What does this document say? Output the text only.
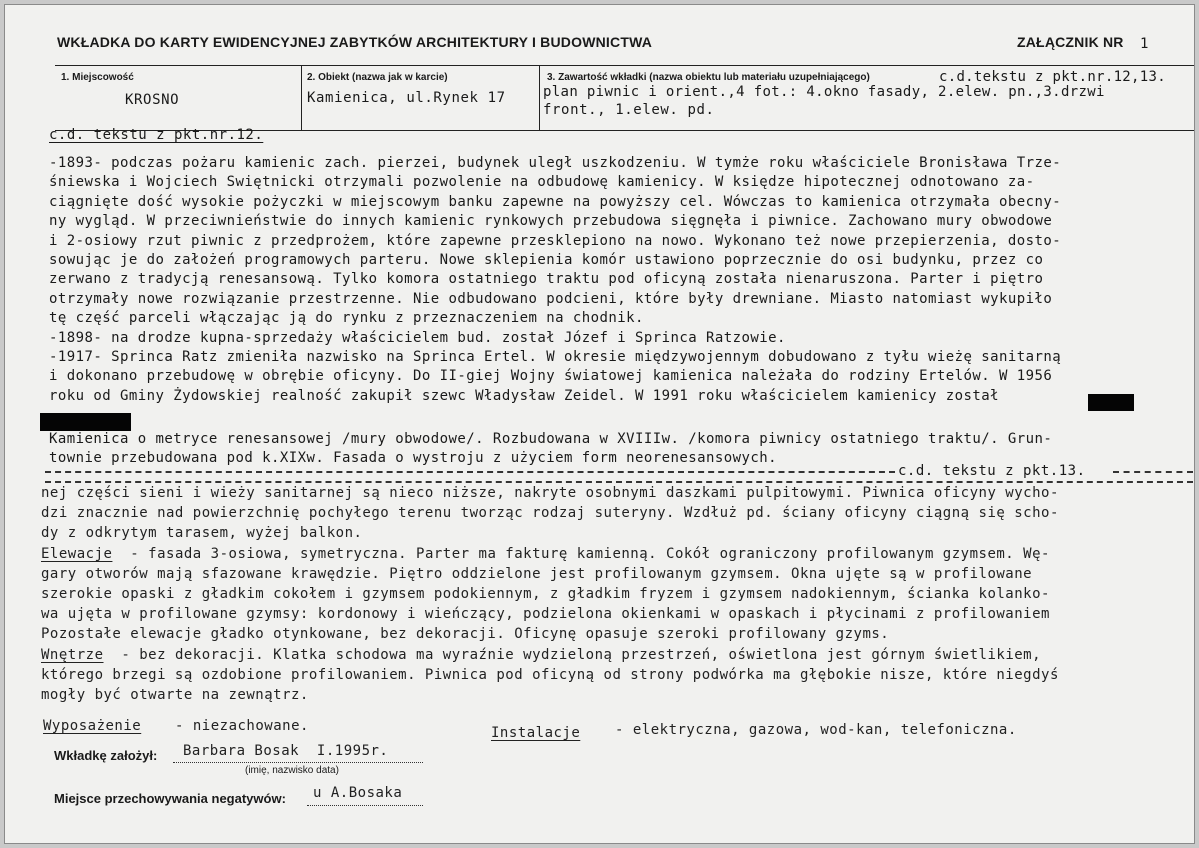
WKŁADKA DO KARTY EWIDENCYJNEJ ZABYTKÓW ARCHITEKTURY I BUDOWNICTWA	ZAŁĄCZNIK NR 1
1. Miejscowość
KROSNO
2. Obiekt (nazwa jak w karcie)
Kamienica, ul.Rynek 17
3. Zawartość wkładki (nazwa obiektu lub materiału uzupełniającego)	c.d.tekstu z pkt.nr.12,13.
plan piwnic i orient.,4 fot.: 4.okno fasady, 2.elew. pn.,3.drzwi
front., 1.elew. pd.
c.d. tekstu z pkt.nr.12.
-1893- podczas pożaru kamienic zach. pierzei, budynek uległ uszkodzeniu. W tymże roku właściciele Bronisława Trze-
śniewska i Wojciech Swiętnicki otrzymali pozwolenie na odbudowę kamienicy. W księdze hipotecznej odnotowano za-
ciągnięte dość wysokie pożyczki w miejscowym banku zapewne na powyższy cel. Wówczas to kamienica otrzymała obecny-
ny wygląd. W przeciwnieństwie do innych kamienic rynkowych przebudowa sięgnęła i piwnice. Zachowano mury obwodowe
i 2-osiowy rzut piwnic z przedprożem, które zapewne przesklepiono na nowo. Wykonano też nowe przepierzenia, dosto-
sowując je do założeń programowych parteru. Nowe sklepienia komór ustawiono poprzecznie do osi budynku, przez co
zerwano z tradycją renesansową. Tylko komora ostatniego traktu pod oficyną została nienaruszona. Parter i piętro
otrzymały nowe rozwiązanie przestrzenne. Nie odbudowano podcieni, które były drewniane. Miasto natomiast wykupiło
tę część parceli włączając ją do rynku z przeznaczeniem na chodnik.
-1898- na drodze kupna-sprzedaży właścicielem bud. został Józef i Sprinca Ratzowie.
-1917- Sprinca Ratz zmieniła nazwisko na Sprinca Ertel. W okresie międzywojennym dobudowano z tyłu wieżę sanitarną
i dokonano przebudowę w obrębie oficyny. Do II-giej Wojny światowej kamienica należała do rodziny Ertelów. W 1956
roku od Gminy Żydowskiej realność zakupił szewc Władysław Zeidel. W 1991 roku właścicielem kamienicy został
Kamienica o metryce renesansowej /mury obwodowe/. Rozbudowana w XVIIIw. /komora piwnicy ostatniego traktu/. Grun-
townie przebudowana pod k.XIXw. Fasada o wystroju z użyciem form neorenesansowych.
c.d. tekstu z pkt.13.
nej części sieni i wieży sanitarnej są nieco niższe, nakryte osobnymi daszkami pulpitowymi. Piwnica oficyny wycho-
dzi znacznie nad powierzchnię pochyłego terenu tworząc rodzaj suteryny. Wzdłuż pd. ściany oficyny ciągną się scho-
dy z odkrytym tarasem, wyżej balkon.
Elewacje  - fasada 3-osiowa, symetryczna. Parter ma fakturę kamienną. Cokół ograniczony profilowanym gzymsem. Wę-
gary otworów mają sfazowane krawędzie. Piętro oddzielone jest profilowanym gzymsem. Okna ujęte są w profilowane
szerokie opaski z gładkim cokołem i gzymsem podokiennym, z gładkim fryzem i gzymsem nadokiennym, ścianka kolanko-
wa ujęta w profilowane gzymsy: kordonowy i wieńczący, podzielona okienkami w opaskach i płycinami z profilowaniem
Pozostałe elewacje gładko otynkowane, bez dekoracji. Oficynę opasuje szeroki profilowany gzyms.
Wnętrze  - bez dekoracji. Klatka schodowa ma wyraźnie wydzieloną przestrzeń, oświetlona jest górnym świetlikiem,
którego brzegi są ozdobione profilowaniem. Piwnica pod oficyną od strony podwórka ma głębokie nisze, które niegdyś
mogły być otwarte na zewnątrz.
Wyposażenie - niezachowane.	Instalacje - elektryczna, gazowa, wod-kan, telefoniczna.
Wkładkę założył: Barbara Bosak  I.1995r.
(imię, nazwisko data)
Miejsce przechowywania negatywów: u A.Bosaka
